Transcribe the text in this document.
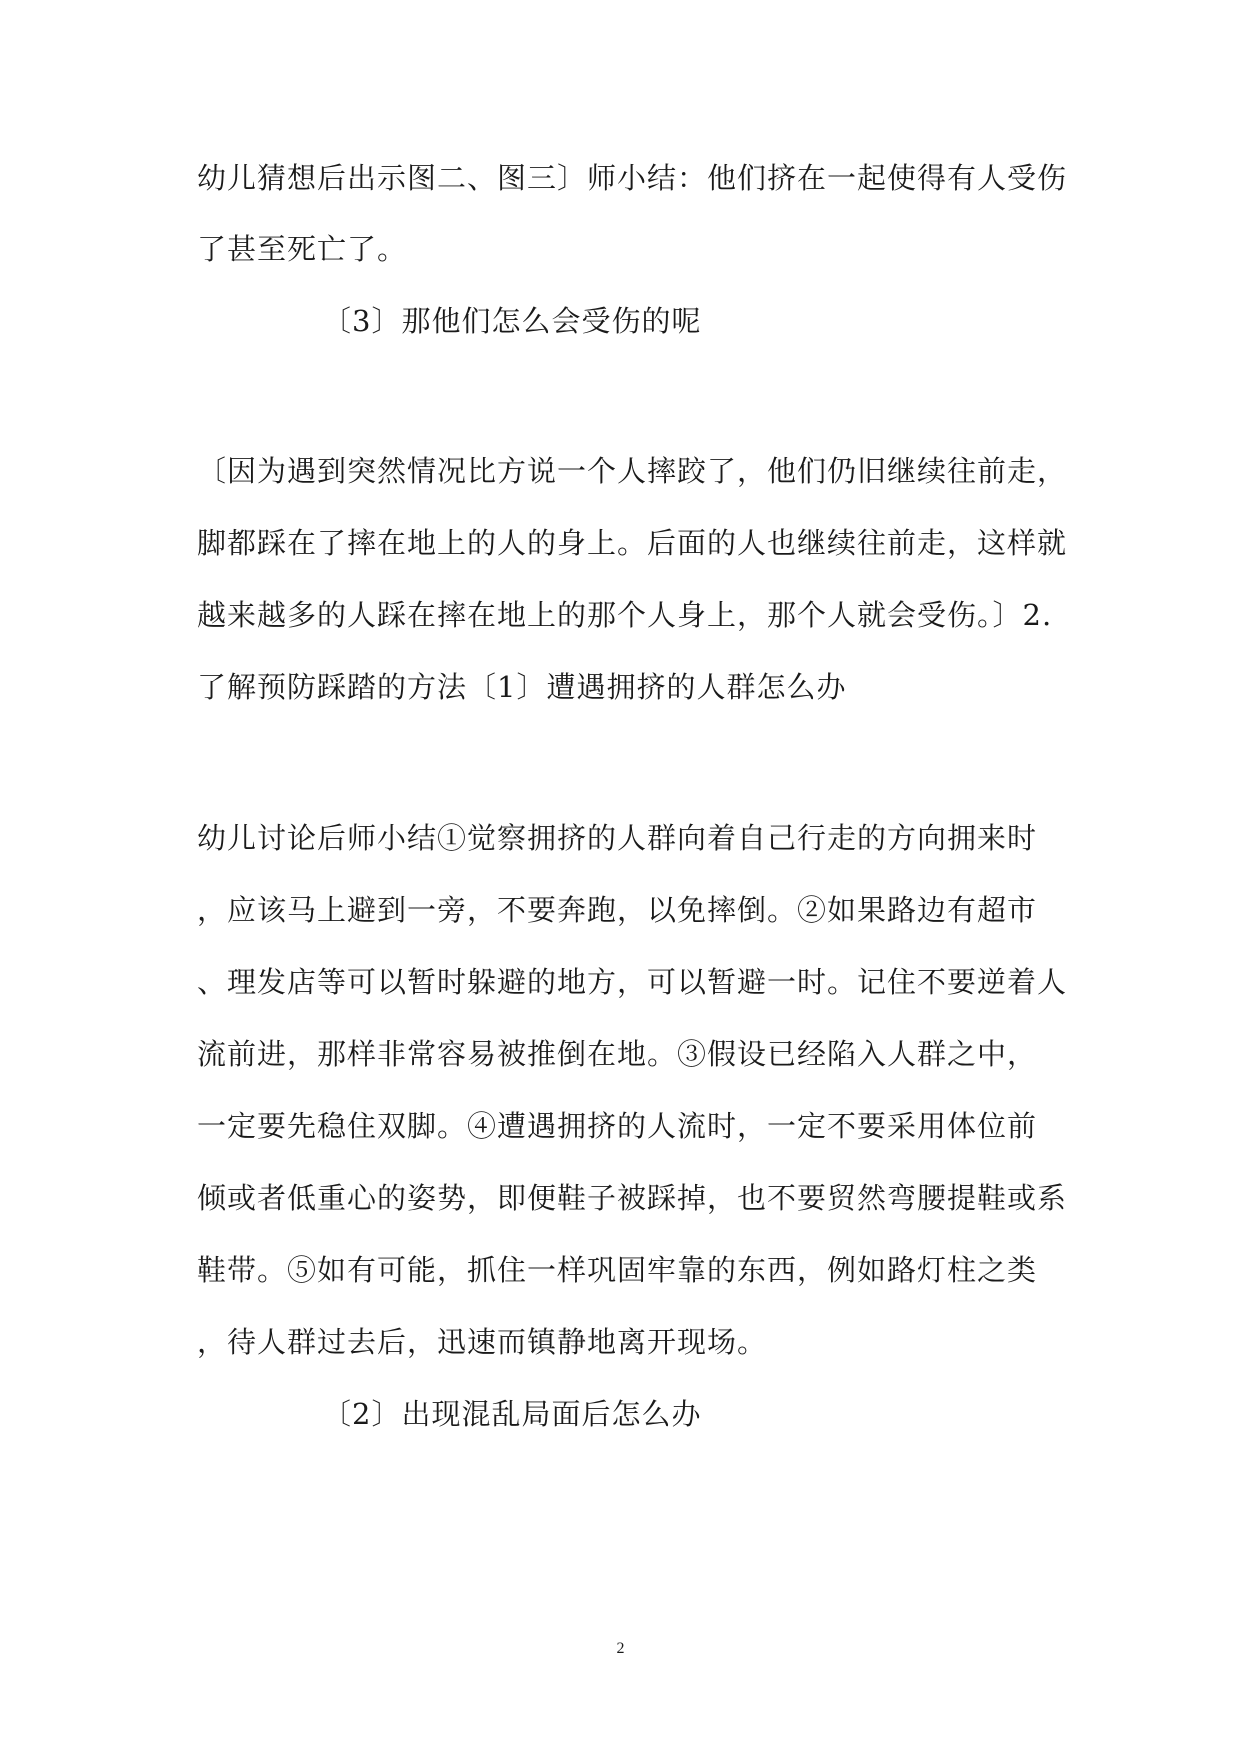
幼儿猜想后出示图二、图三〕师小结：他们挤在一起使得有人受伤
了甚至死亡了。
〔3〕那他们怎么会受伤的呢
〔因为遇到突然情况比方说一个人摔跤了，他们仍旧继续往前走，
脚都踩在了摔在地上的人的身上。后面的人也继续往前走，这样就
越来越多的人踩在摔在地上的那个人身上，那个人就会受伤。〕2.
了解预防踩踏的方法〔1〕遭遇拥挤的人群怎么办
幼儿讨论后师小结①觉察拥挤的人群向着自己行走的方向拥来时
，应该马上避到一旁，不要奔跑，以免摔倒。②如果路边有超市
、理发店等可以暂时躲避的地方，可以暂避一时。记住不要逆着人
流前进，那样非常容易被推倒在地。③假设已经陷入人群之中，
一定要先稳住双脚。④遭遇拥挤的人流时，一定不要采用体位前
倾或者低重心的姿势，即便鞋子被踩掉，也不要贸然弯腰提鞋或系
鞋带。⑤如有可能，抓住一样巩固牢靠的东西，例如路灯柱之类
，待人群过去后，迅速而镇静地离开现场。
〔2〕出现混乱局面后怎么办
2
